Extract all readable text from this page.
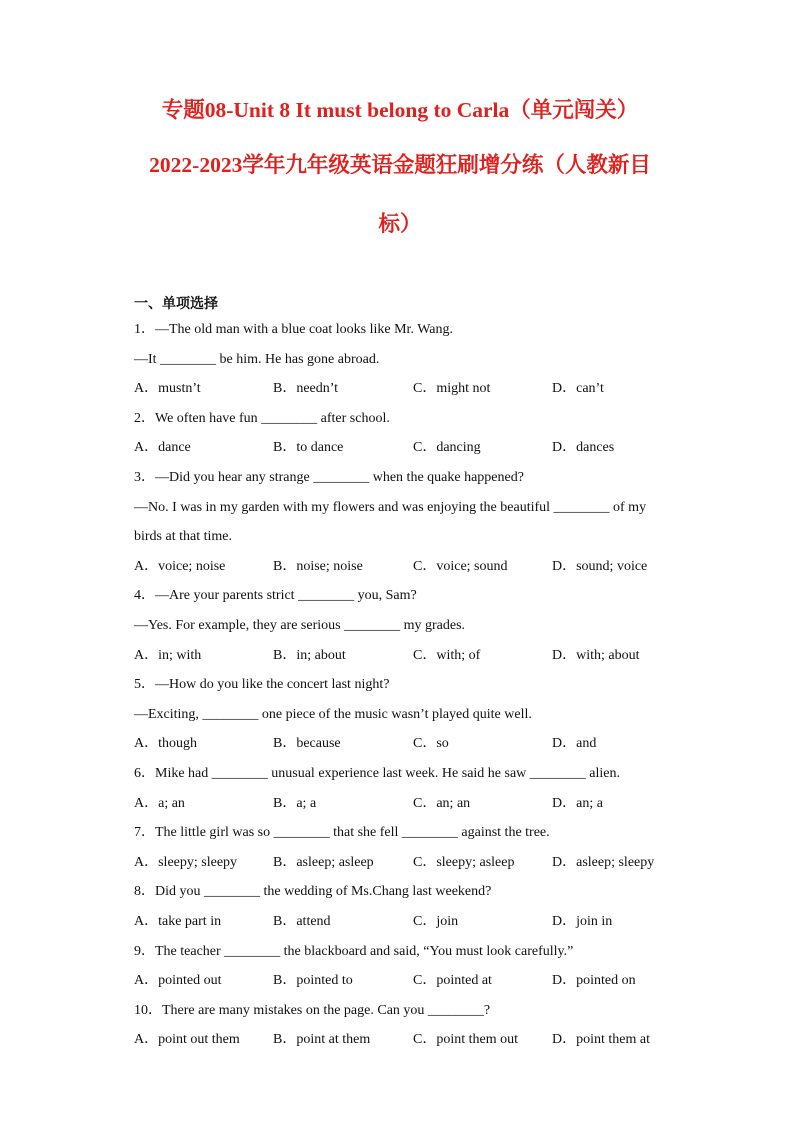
专题08-Unit 8 It must belong to Carla（单元闯关）
2022-2023学年九年级英语金题狂刷增分练（人教新目
标）
一、单项选择
1．—The old man with a blue coat looks like Mr. Wang.
—It ________ be him. He has gone abroad.
A．mustn’t	B．needn’t	C．might not	D．can’t
2．We often have fun ________ after school.
A．dance	B．to dance	C．dancing	D．dances
3．—Did you hear any strange ________ when the quake happened?
—No. I was in my garden with my flowers and was enjoying the beautiful ________ of my
birds at that time.
A．voice; noise	B．noise; noise	C．voice; sound	D．sound; voice
4．—Are your parents strict ________ you, Sam?
—Yes. For example, they are serious ________ my grades.
A．in; with	B．in; about	C．with; of	D．with; about
5．—How do you like the concert last night?
—Exciting, ________ one piece of the music wasn’t played quite well.
A．though	B．because	C．so	D．and
6．Mike had ________ unusual experience last week. He said he saw ________ alien.
A．a; an	B．a; a	C．an; an	D．an; a
7．The little girl was so ________ that she fell ________ against the tree.
A．sleepy; sleepy	B．asleep; asleep	C．sleepy; asleep	D．asleep; sleepy
8．Did you ________ the wedding of Ms.Chang last weekend?
A．take part in	B．attend	C．join	D．join in
9．The teacher ________ the blackboard and said, “You must look carefully.”
A．pointed out	B．pointed to	C．pointed at	D．pointed on
10．There are many mistakes on the page. Can you ________?
A．point out them B．point at them	C．point them out D．point them at
